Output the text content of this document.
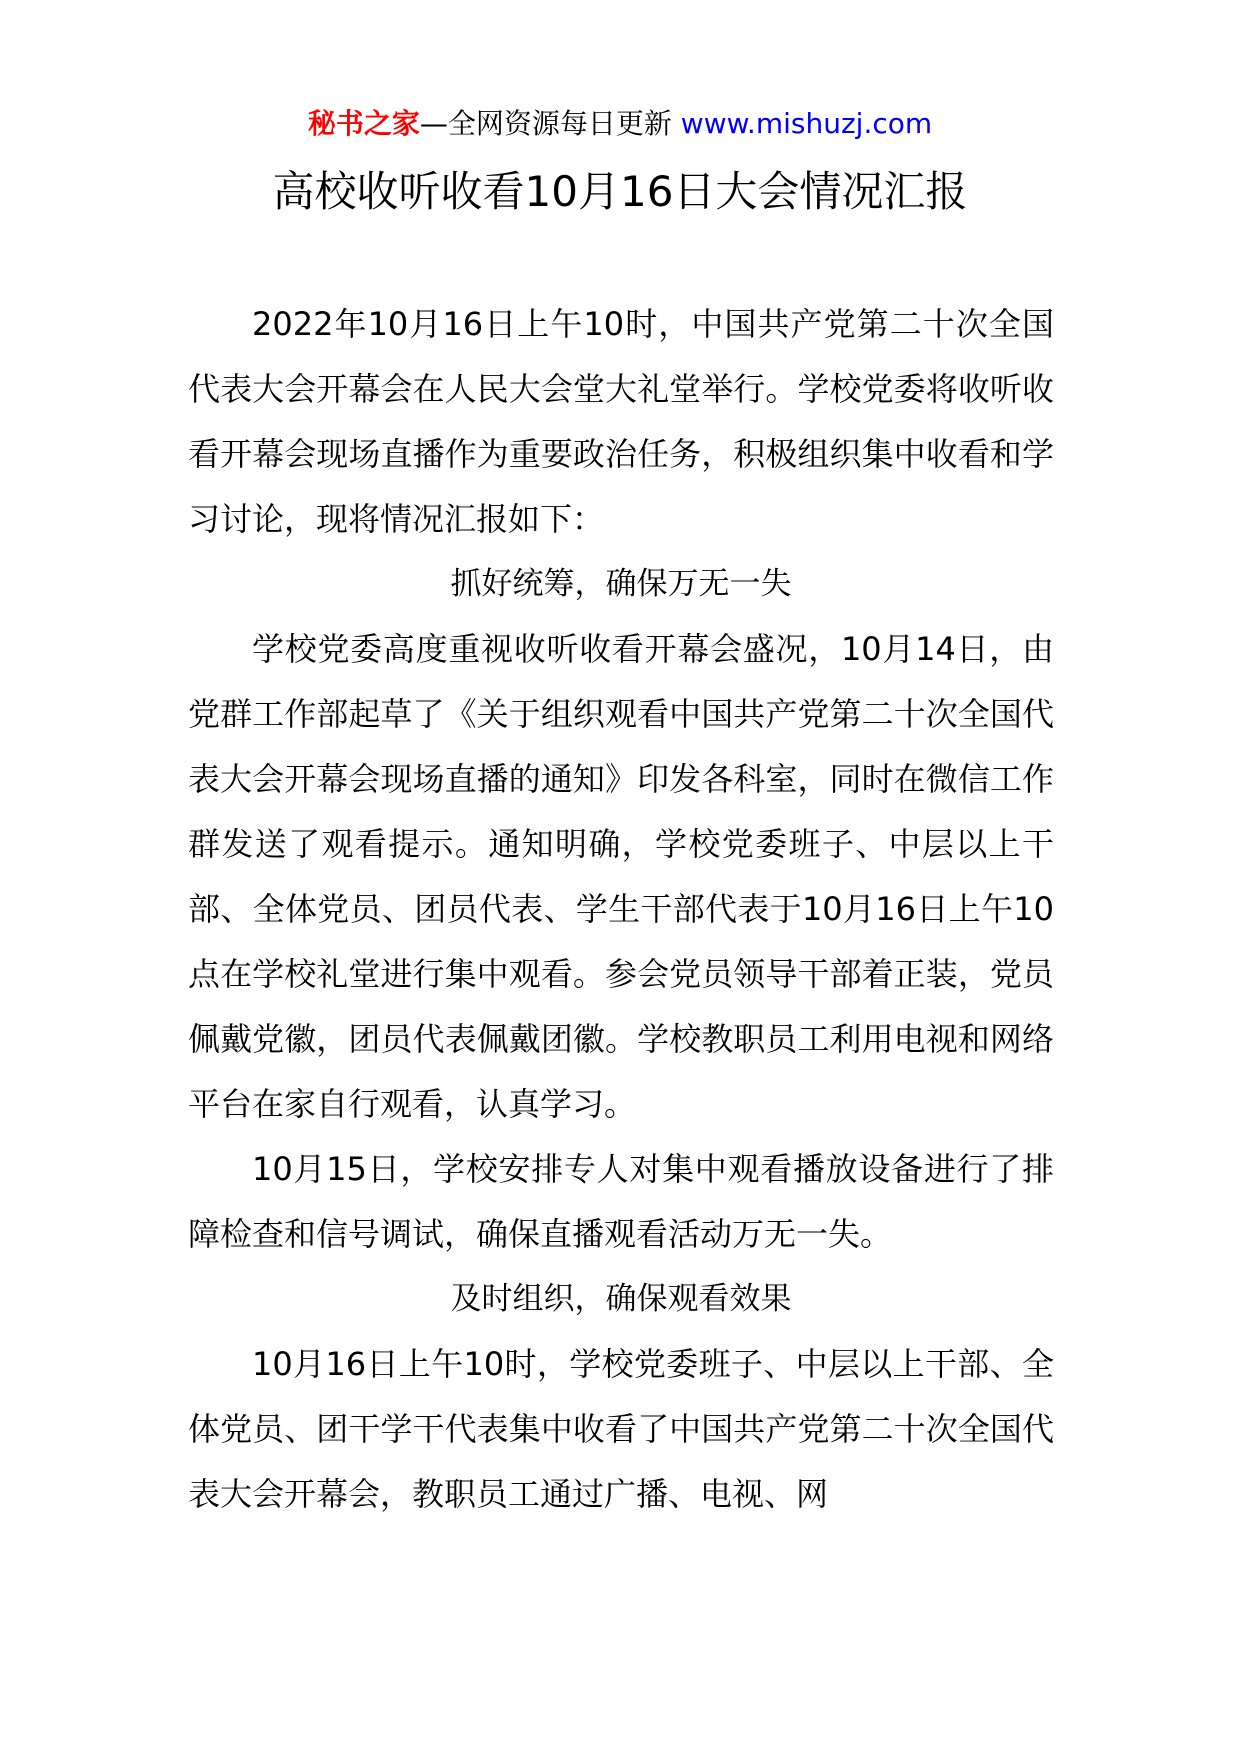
秘书之家—全网资源每日更新 www.mishuzj.com
高校收听收看10月16日大会情况汇报

2022年10月16日上午10时，中国共产党第二十次全国代表大会开幕会在人民大会堂大礼堂举行。学校党委将收听收看开幕会现场直播作为重要政治任务，积极组织集中收看和学习讨论，现将情况汇报如下：

抓好统筹，确保万无一失

学校党委高度重视收听收看开幕会盛况，10月14日，由党群工作部起草了《关于组织观看中国共产党第二十次全国代表大会开幕会现场直播的通知》印发各科室，同时在微信工作群发送了观看提示。通知明确，学校党委班子、中层以上干部、全体党员、团员代表、学生干部代表于10月16日上午10点在学校礼堂进行集中观看。参会党员领导干部着正装，党员佩戴党徽，团员代表佩戴团徽。学校教职员工利用电视和网络平台在家自行观看，认真学习。

10月15日，学校安排专人对集中观看播放设备进行了排障检查和信号调试，确保直播观看活动万无一失。

及时组织，确保观看效果

10月16日上午10时，学校党委班子、中层以上干部、全体党员、团干学干代表集中收看了中国共产党第二十次全国代表大会开幕会，教职员工通过广播、电视、网
